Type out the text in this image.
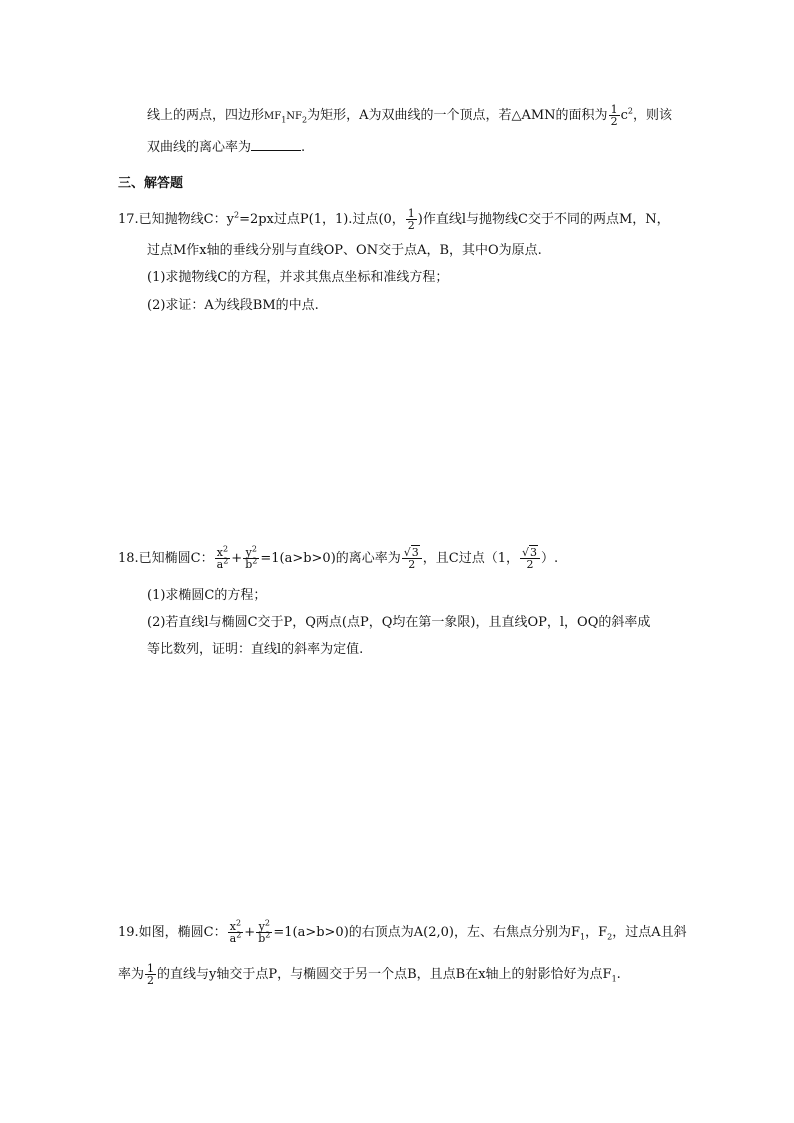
线上的两点，四边形$MF_1NF_2$为矩形，A为双曲线的一个顶点，若△AMN的面积为 $\frac{1}{2} c^2$，则该
双曲线的离心率为	.
三、解答题
17.已知抛物线C：$y^2=2px$过点P(1，1).过点(0， $\frac{1}{2}$ )作直线l与抛物线C交于不同的两点M，N，
过点M作x轴的垂线分别与直线OP、ON交于点A，B，其中O为原点.
(1)求抛物线C的方程，并求其焦点坐标和准线方程；
(2)求证：A为线段BM的中点.
18.已知椭圆C： $\frac{x^2}{a^2} + \frac{y^2}{b^2} =1(a>b>0)$的离心率为 $\frac{√3}{2}$ ，且C过点（1， $\frac{√3}{2}$ ）.
(1)求椭圆C的方程；
(2)若直线l与椭圆C交于P，Q两点(点P，Q均在第一象限)，且直线OP，l，OQ的斜率成
等比数列，证明：直线l的斜率为定值.
19.如图，椭圆C： $\frac{x^2}{a^2} + \frac{y^2}{b^2} =1(a>b>0)$的右顶点为A(2,0)，左、右焦点分别为$F_1$，$F_2$，过点A且斜
率为 $\frac{1}{2}$ 的直线与y轴交于点P，与椭圆交于另一个点B，且点B在x轴上的射影恰好为点$F_1$.
